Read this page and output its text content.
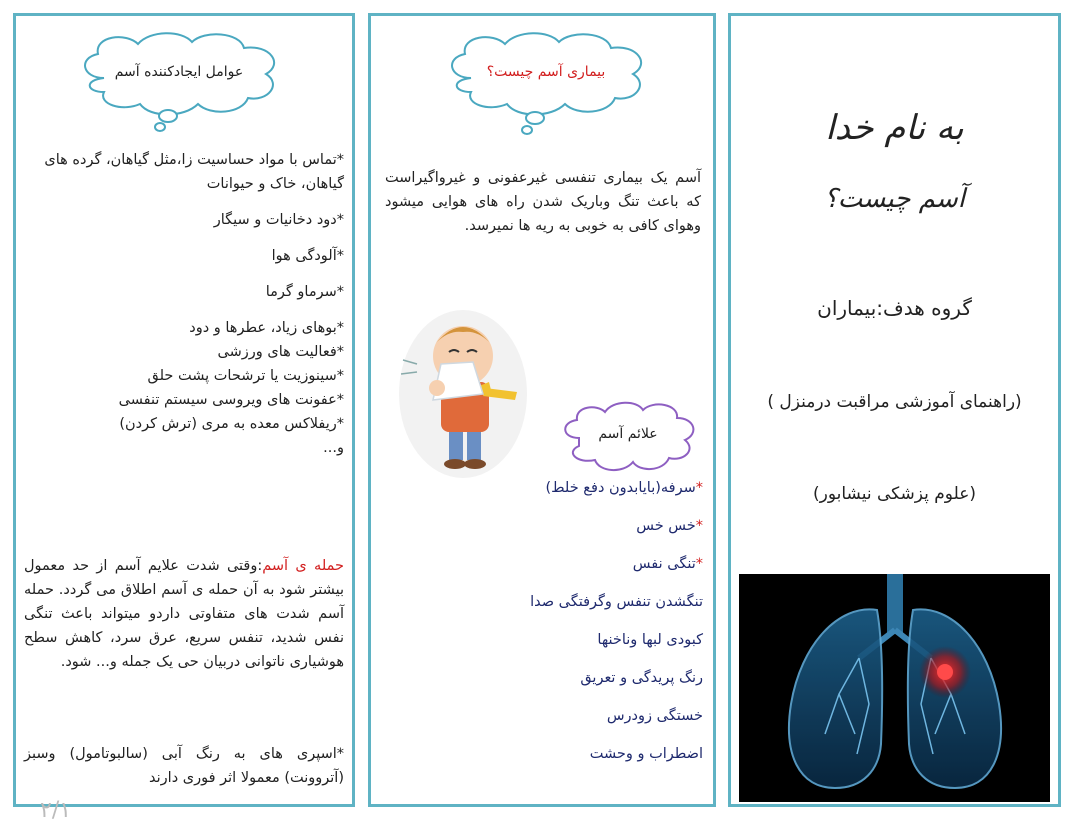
عوامل ایجادکننده آسم
*تماس با مواد حساسیت زا،مثل گیاهان، گرده های گیاهان، خاک و حیوانات
*دود دخانیات و سیگار
*آلودگی هوا
*سرماو گرما
*بوهای زیاد، عطرها و دود
*فعالیت های ورزشی
*سینوزیت یا ترشحات پشت حلق
*عفونت های ویروسی سیستم تنفسی
*ریفلاکس معده به مری (ترش کردن)
و...
حمله ی آسم:وقتی شدت علایم آسم از حد معمول بیشتر شود به آن حمله ی آسم اطلاق می گردد. حمله آسم شدت های متفاوتی داردو میتواند باعث تنگی نفس شدید، تنفس سریع، عرق سرد، کاهش سطح هوشیاری ناتوانی دربیان حی یک جمله و... شود.
*اسپری های به رنگ آبی (سالبوتامول) وسبز (آتروونت) معمولا اثر فوری دارند
۲/۱
بیماری آسم چیست؟
آسم یک بیماری تنفسی غیرعفونی و غیرواگیراست که باعث تنگ وباریک شدن راه های هوایی میشود وهوای کافی به خوبی به ریه ها نمیرسد.
علائم آسم
*سرفه(بایابدون دفع خلط)
*خس خس
*تنگی نفس
تنگشدن تنفس وگرفتگی صدا
کبودی لبها وناخنها
رنگ پریدگی و تعریق
خستگی زودرس
اضطراب و وحشت
به نام خدا
آسم چیست؟
گروه هدف:بیماران
(راهنمای آموزشی مراقبت درمنزل )
(علوم پزشکی نیشابور)
